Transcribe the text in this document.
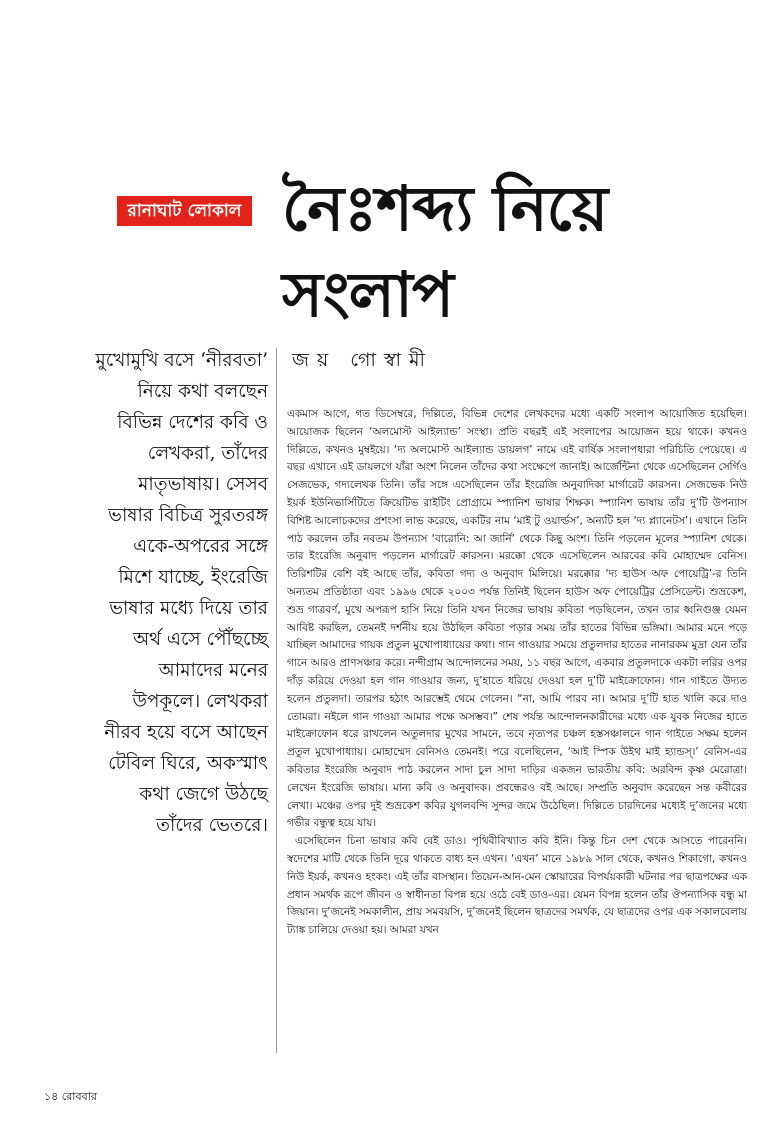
রানাঘাট লোকাল নৈঃশব্দ্য নিয়ে
সংলাপ
জয় গোস্বামী
মুখোমুখি বসে ‘নীরবতা’
নিয়ে কথা বলছেন
বিভিন্ন দেশের কবি ও
লেখকরা, তাঁদের
মাতৃভাষায়। সেসব
ভাষার বিচিত্র সুরতরঙ্গ
একে-অপরের সঙ্গে
মিশে যাচ্ছে, ইংরেজি
ভাষার মধ্যে দিয়ে তার
অর্থ এসে পৌঁছচ্ছে
আমাদের মনের
উপকূলে। লেখকরা
নীরব হয়ে বসে আছেন
টেবিল ঘিরে, অকস্মাৎ
কথা জেগে উঠছে
তাঁদের ভেতরে।

একমাস আগে, গত ডিসেম্বরে, দিল্লিতে, বিভিন্ন দেশের লেখকদের মধ্যে একটি সংলাপ আয়োজিত হয়েছিল। আয়োজক ছিলেন ‘অলমোস্ট আইল্যান্ড’ সংস্থা। প্রতি বছরই এই সংলাপের আয়োজন হয়ে থাকে। কখনও দিল্লিতে, কখনও মুম্বইয়ে। ‘দ্য অলমোস্ট আইল্যান্ড ডায়লগ’ নামে এই বার্ষিক সংলাপধারা পরিচিতি পেয়েছে। এ বছর এখানে এই ডায়লগে যাঁরা অংশ নিলেন তাঁদের কথা সংক্ষেপে জানাই। আর্জেন্টিনা থেকে এসেছিলেন সের্গিও সেজভেক, গদ্যলেখক তিনি। তাঁর সঙ্গে এসেছিলেন তাঁর ইংরেজি অনুবাদিকা মার্গারেট কারসন। সেজভেক নিউ ইয়র্ক ইউনিভার্সিটিতে ক্রিয়েটিভ রাইটিং প্রোগ্রামে স্প্যানিশ ভাষার শিক্ষক। স্প্যানিশ ভাষায় তাঁর দু’টি উপন্যাস বিশিষ্ট আলোচকদের প্রশংসা লাভ করেছে, একটির নাম ‘মাই টু ওয়ার্ল্ডস’, অন্যটি হল ‘দ্য প্ল্যানেটস’। এখানে তিনি পাঠ করলেন তাঁর নবতম উপন্যাস ‘বারোনি: আ জার্নি’ থেকে কিছু অংশ। তিনি পড়লেন মূলের স্প্যানিশ থেকে। তার ইংরেজি অনুবাদ পড়লেন মার্গারেট কারসন। মরক্কো থেকে এসেছিলেন আরবের কবি মোহাম্মেদ বেনিস। তিরিশটির বেশি বই আছে তাঁর, কবিতা গদ্য ও অনুবাদ মিলিয়ে। মরক্কোর ‘দ্য হাউস অফ পোয়েট্রি’-র তিনি অন্যতম প্রতিষ্ঠাতা এবং ১৯৯৬ থেকে ২০০৩ পর্যন্ত তিনিই ছিলেন হাউস অফ পোয়েট্রির প্রেসিডেন্ট। শুভ্রকেশ, শুভ্র গাত্রবর্ণ, মুখে অপরূপ হাসি নিয়ে তিনি যখন নিজের ভাষায় কবিতা পড়ছিলেন, তখন তার ধ্বনিগুঞ্জ যেমন আবিষ্ট করছিল, তেমনই দর্শনীয় হয়ে উঠছিল কবিতা পড়ার সময় তাঁর হাতের বিভিন্ন ভঙ্গিমা। আমার মনে পড়ে যাচ্ছিল আমাদের গায়ক প্রতুল মুখোপাধ্যায়ের কথা। গান গাওয়ার সময়ে প্রতুলদার হাতের নানারকম মুদ্রা যেন তাঁর গানে আরও প্রাণসঞ্চার করে। নন্দীগ্রাম আন্দোলনের সময়, ১১ বছর আগে, একবার প্রতুলদাকে একটা লরির ওপর দাঁড় করিয়ে দেওয়া হল গান গাওয়ার জন্য, দু’হাতে ধরিয়ে দেওয়া হল দু’টি মাইক্রোফোন। গান গাইতে উদ্যত হলেন প্রতুলদা। তারপর হঠাৎ আরম্ভেই থেমে গেলেন। “না, আমি পারব না। আমার দু’টি হাত খালি করে দাও তোমরা। নইলে গান গাওয়া আমার পক্ষে অসম্ভব।” শেষ পর্যন্ত আন্দোলনকারীদের মধ্যে এক যুবক নিজের হাতে মাইক্রোফোন ধরে রাখলেন অতুলদার মুখের সামনে, তবে নৃত্যপর চঞ্চল হস্তসঞ্চালনে গান গাইতে সক্ষম হলেন প্রতুল মুখোপাধ্যায়। মোহাম্মেদ বেনিসও তেমনই। পরে বলেছিলেন, ‘আই স্পিক উইথ মাই হ্যান্ডস্।’ বেনিস-এর কবিতার ইংরেজি অনুবাদ পাঠ করলেন সাদা চুল সাদা দাড়ির একজন ভারতীয় কবি: অরবিন্দ কৃষ্ণ মেরোত্রা। লেখেন ইংরেজি ভাষায়। মান্য কবি ও অনুবাদক। প্রবন্ধেরও বই আছে। সম্প্রতি অনুবাদ করেছেন সন্ত কবীরের লেখা। মঞ্চের ওপর দুই শুভ্রকেশ কবির যুগলবন্দি সুন্দর জমে উঠেছিল। দিল্লিতে চারদিনের মধ্যেই দু’জনের মধ্যে গভীর বন্ধুত্ব হয়ে যায়।

এসেছিলেন চিনা ভাষার কবি বেই ডাও। পৃথিবীবিখ্যাত কবি ইনি। কিন্তু চিন দেশ থেকে আসতে পারেননি। স্বদেশের মাটি থেকে তিনি দূরে থাকতে বাধ্য হন এখন। ‘এখন’ মানে ১৯৮৯ সাল থেকে, কখনও শিকাগো, কখনও নিউ ইয়র্ক, কখনও হংকং। এই তাঁর বাসস্থান। তিয়েন-আন-মেন স্কোয়ারের বিপর্যয়কারী ঘটনার পর ছাত্রপক্ষের এক প্রধান সমর্থক রূপে জীবন ও স্বাধীনতা বিপন্ন হয়ে ওঠে বেই ডাও-এর। যেমন বিপন্ন হলেন তাঁর ঔপন্যাসিক বন্ধু মা জিয়ান। দু’জনেই সমকালীন, প্রায় সমবয়সি, দু’জনেই ছিলেন ছাত্রদের সমর্থক, যে ছাত্রদের ওপর এক সকালবেলায় ট্যাঙ্ক চালিয়ে দেওয়া হয়। আমরা যখন

১৪ রোববার
